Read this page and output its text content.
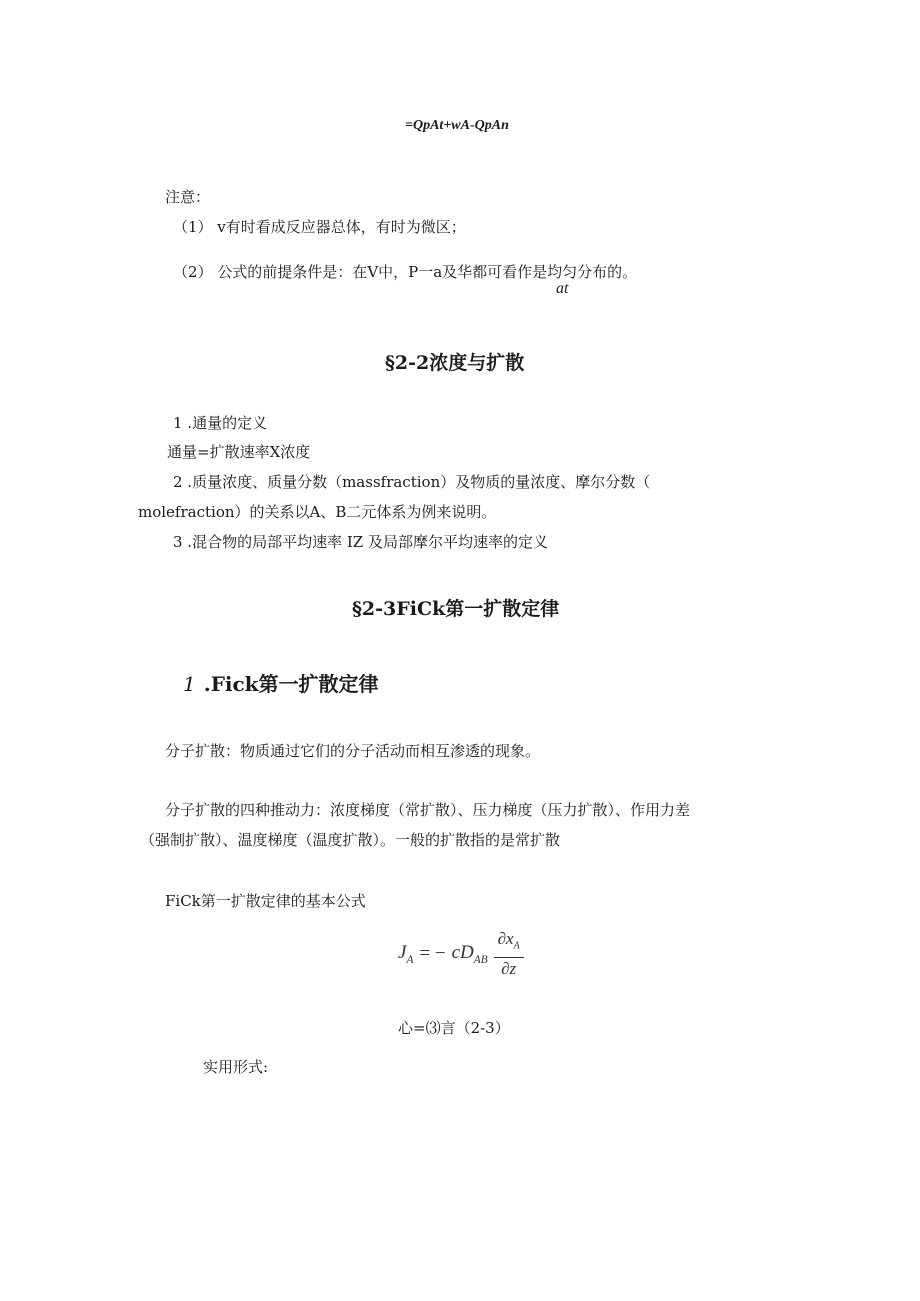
=QpAt+wA-QpAn
注意：
（1） v有时看成反应器总体，有时为微区；
（2） 公式的前提条件是：在V中，P一a及华都可看作是均匀分布的。
at
§2-2浓度与扩散
1 .通量的定义
通量=扩散速率X浓度
2 .质量浓度、质量分数（massfraction）及物质的量浓度、摩尔分数（
molefraction）的关系以A、B二元体系为例来说明。
3 .混合物的局部平均速率 IZ 及局部摩尔平均速率的定义
§2-3FiCk第一扩散定律
1 .Fick第一扩散定律
分子扩散：物质通过它们的分子活动而相互渗透的现象。
分子扩散的四种推动力：浓度梯度（常扩散）、压力梯度（压力扩散）、作用力差
（强制扩散）、温度梯度（温度扩散）。一般的扩散指的是常扩散
FiCk第一扩散定律的基本公式
$J_A$ = − $cD_{AB}$
$\partial x_A$
∂z
心=⑶言（2-3）
实用形式:
